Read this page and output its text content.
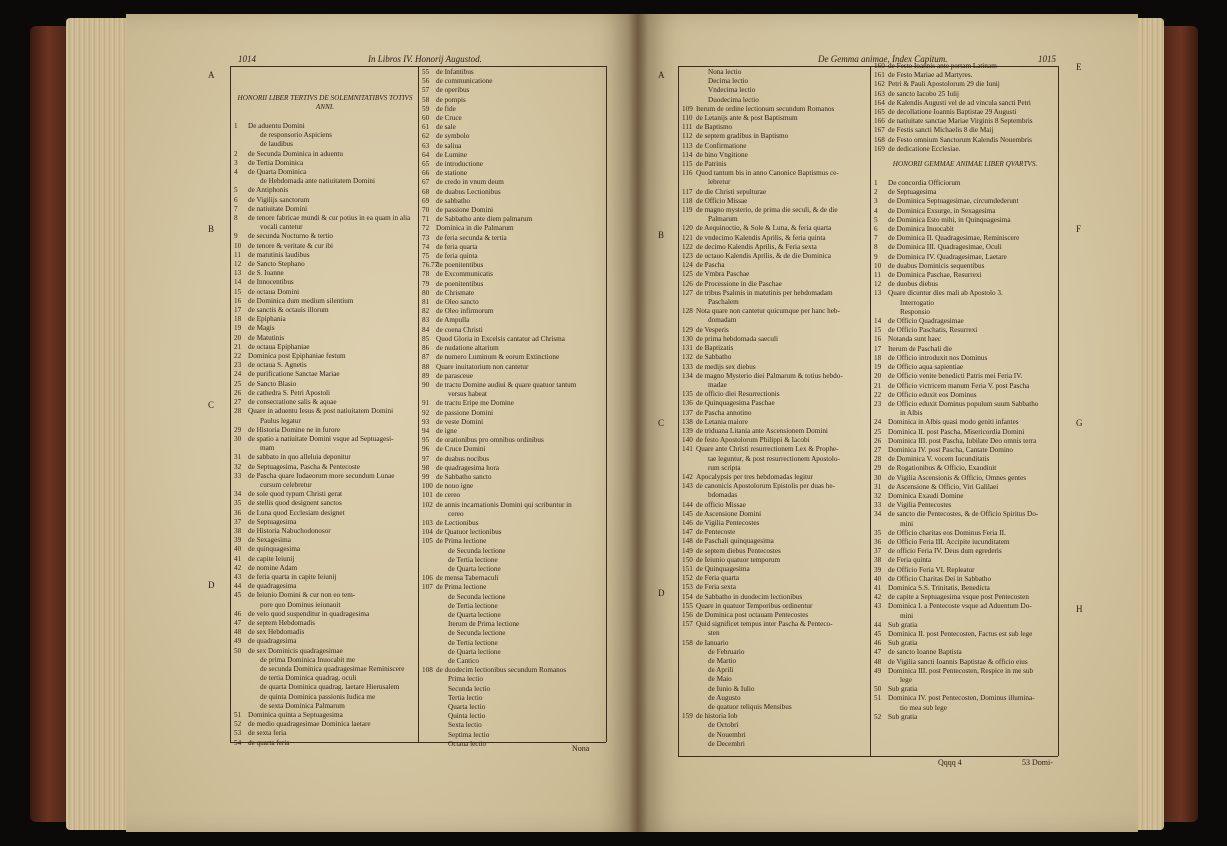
1014	In Libros IV. Honorij Augustod.
A
B
C
D
HONORII LIBER TERTIVS DE SOLEMNITATIBVS TOTIVS ANNI.
1 De aduentu Domini
de responsorio Aspiciens
de laudibus
2 de Secunda Dominica in aduentu
3 de Tertia Dominica
4 de Quarta Dominica
de Hebdomada ante natiuitatem Domini
5 de Antiphonis
6 de Vigilijs sanctorum
7 de natiuitate Domini
8 de tenore fabricae mundi & cur potius in ea quam in alia
vocali cantetur
9 de secunda Nocturno & tertio
10 de tenore & veritate & cur ibi
11 de matutinis laudibus
12 de Sancto Stephano
13 de S. Ioanne
14 de Innocentibus
15 de octaua Domini
16 de Dominica dum medium silentium
17 de sanctis & octauis illorum
18 de Epiphania
19 de Magis
20 de Matutinis
21 de octaua Epiphaniae
22 Dominica post Epiphaniae festum
23 de octaua S. Agnetis
24 de purificatione Sanctae Mariae
25 de Sancto Blasio
26 de cathedra S. Petri Apostoli
27 de consecratione salis & aquae
28 Quare in aduentu Iesus & post natiuitatem Domini
Paulus legatur
29 de Historia Domine ne in furore
30 de spatio a natiuitate Domini vsque ad Septuagesi-
mam
31 de sabbato in quo alleluia deponitur
32 de Septuagesima, Pascha & Pentecoste
33 de Pascha quare Iudaeorum more secundum Lunae
cursum celebretur
34 de sole quod typum Christi gerat
35 de stellis quod designent sanctos
36 de Luna quod Ecclesiam designet
37 de Septuagesima
38 de Historia Nabuchodonosor
39 de Sexagesima
40 de quinquagesima
41 de capite Ieiunij
42 de nomine Adam
43 de feria quarta in capite Ieiunij
44 de quadragesima
45 de Ieiunio Domini & cur non eo tem-
pore quo Dominus ieiunauit
46 de velo quod suspenditur in quadragesima
47 de septem Hebdomadis
48 de sex Hebdomadis
49 de quadragesima
50 de sex Dominicis quadragesimae
de prima Dominica Inuocabit me
de secunda Dominica quadragesimae Reminiscere
de tertia Dominica quadrag. oculi
de quarta Dominica quadrag. laetare Hierusalem
de quinta Dominica passionis Iudica me
de sexta Dominica Palmarum
51 Dominica quinta a Septuagesima
52 de medio quadragesimae Dominica laetare
53 de sexta feria
54 de quarta feria
55 de Infantibus
56 de communicatione
57 de operibus
58 de pompis
59 de fide
60 de Cruce
61 de sale
62 de symbolo
63 de saliua
64 de Lumine
65 de introductione
66 de statione
67 de credo in vnum deum
68 de duabus Lectionibus
69 de sabbatho
70 de passione Domini
71 de Sabbatho ante diem palmarum
72 Dominica in die Palmarum
73 de feria secunda & tertia
74 de feria quarta
75 de feria quinta
76.77de poenitentibus
78 de Excommunicatis
79 de poenitentibus
80 de Chrismate
81 de Oleo sancto
82 de Oleo infirmorum
83 de Ampulla
84 de coena Christi
85 Quod Gloria in Excelsis cantatur ad Chrisma
86 de nudatione altarium
87 de numero Luminum & eorum Extinctione
88 Quare inuitatorium non cantetur
89 de parasceue
90 de tractu Domine audiui & quare quatuor tantum
versus habeat
91 de tractu Eripe me Domine
92 de passione Domini
93 de veste Domini
94 de igne
95 de orationibus pro omnibus ordinibus
96 de Cruce Domini
97 de duabus nocibus
98 de quadragesima hora
99 de Sabbatho sancto
100 de nouo igne
101 de cereo
102 de annis incarnationis Domini qui scribuntur in
cereo
103 de Lectionibus
104 de Quatuor lectionibus
105 de Prima lectione
de Secunda lectione
de Tertia lectione
de Quarta lectione
106 de mensa Tabernaculi
107 de Prima lectione
de Secunda lectione
de Tertia lectione
de Quarta lectione
Iterum de Prima lectione
de Secunda lectione
de Tertia lectione
de Quarta lectione
de Cantico
108 de duodecim lectionibus secundum Romanos
Prima lectio
Secunda lectio
Tertia lectio
Quarta lectio
Quinta lectio
Sexta lectio
Septima lectio
Octaua lectio
Nona
De Gemma animae, Index Capitum.	1015
A
B
C
D
E
F
G
H
Nona lectio
Decima lectio
Vndecima lectio
Duodecima lectio
109 Iterum de ordine lectionum secundum Romanos
110 de Letanijs ante & post Baptismum
111 de Baptismo
112 de septem gradibus in Baptismo
113 de Confirmatione
114 de bino Vngitione
115 de Patrinis
116 Quod tantum bis in anno Canonice Baptismus ce-
lebretur
117 de die Christi sepulturae
118 de Officio Missae
119 de magno mysterio, de prima die seculi, & de die
Palmarum
120 de Aequinoctio, & Sole & Luna, & feria quarta
121 de vndecimo Kalendis Aprilis, & feria quinta
122 de decimo Kalendis Aprilis, & Feria sexta
123 de octauo Kalendis Aprilis, & de die Dominica
124 de Pascha
125 de Vmbra Paschae
126 de Processione in die Paschae
127 de tribus Psalmis in matutinis per hebdomadam
Paschalem
128 Nota quare non cantetur quicumque per hanc heb-
domadam
129 de Vesperis
130 de prima hebdomada saeculi
131 de Baptizatis
132 de Sabbatho
133 de medijs sex diebus
134 de magno Mysterio diei Palmarum & totius hebdo-
madae
135 de officio diei Resurrectionis
136 de Quinquagesima Paschae
137 de Pascha annotino
138 de Letania maiore
139 de triduana Litania ante Ascensionem Domini
140 de festo Apostolorum Philippi & Iacobi
141 Quare ante Christi resurrectionem Lex & Prophe-
tae leguntur, & post resurrectionem Apostolo-
rum scripta
142 Apocalypsis per tres hebdomadas legitur
143 de canonicis Apostolorum Epistolis per duas he-
bdomadas
144 de officio Missae
145 de Ascensione Domini
146 de Vigilia Pentecostes
147 de Pentecoste
148 de Paschali quinquagesima
149 de septem diebus Pentecostes
150 de Ieiunio quatuor temporum
151 de Quinquagesima
152 de Feria quarta
153 de Feria sexta
154 de Sabbatho in duodecim lectionibus
155 Quare in quatuor Temporibus ordinentur
156 de Dominica post octauam Pentecostes
157 Quid significet tempus inter Pascha & Penteco-
sten
158 de Ianuario
de Februario
de Martio
de Aprili
de Maio
de Iunio & Iulio
de Augusto
de quatuor reliquis Mensibus
159 de historia Iob
de Octobri
de Nouembri
de Decembri
160 de Festo Ioannis ante portam Latinam
161 de Festo Mariae ad Martyres.
162 Petri & Pauli Apostolorum 29 die Iunij
163 de sancto Iacobo 25 Iulij
164 de Kalendis Augusti vel de ad vincula sancti Petri
165 de decollatione Ioannis Baptistae 29 Augusti
166 de natiuitate sanctae Mariae Virginis 8 Septembris
167 de Festis sancti Michaelis 8 die Maij
168 de Festo omnium Sanctorum Kalendis Nouembris
169 de dedicatione Ecclesiae.
HONORII GEMMAE ANIMAE LIBER QVARTVS.
1 De concordia Officiorum
2 de Septuagesima
3 de Dominica Septuagesimae, circumdederunt
4 de Dominica Exsurge, in Sexagesima
5 de Dominica Esto mihi, in Quinquagesima
6 de Dominica Inuocabit
7 de Dominica II. Quadragesimae, Reminiscere
8 de Dominica III. Quadragesimae, Oculi
9 de Dominica IV. Quadragesimae, Laetare
10 de duabus Dominicis sequentibus
11 de Dominica Paschae, Resurrexi
12 de duobus diebus
13 Quare dicuntur dies mali ab Apostolo 3.
Interrogatio
Responsio
14 de Officio Quadragesimae
15 de Officio Paschatis, Resurrexi
16 Notanda sunt haec
17 Iterum de Paschali die
18 de Officio introduxit nos Dominus
19 de Officio aqua sapientiae
20 de Officio venite benedicti Patris mei Feria IV.
21 de Officio victricem manum Feria V. post Pascha
22 de Officio eduxit eos Dominus
23 de Officio eduxit Dominus populum suum Sabbatho
in Albis
24 Dominica in Albis quasi modo geniti infantes
25 Dominica II. post Pascha, Misericordia Domini
26 Dominica III. post Pascha, Iubilate Deo omnis terra
27 Dominica IV. post Pascha, Cantate Domino
28 de Dominica V. vocem Iucunditatis
29 de Rogationibus & Officio, Exaudiuit
30 de Vigilia Ascensionis & Officio, Omnes gentes
31 de Ascensione & Officio, Viri Galilaei
32 Dominica Exaudi Domine
33 de Vigilia Pentecostes
34 de sancto die Pentecostes, & de Officio Spiritus Do-
mini
35 de Officio charitas eos Dominus Feria II.
36 de Officio Feria III. Accipite iucunditatem
37 de officio Feria IV. Deus dum egrederis
38 de Feria quinta
39 de Officio Feria VI. Repleatur
40 de Officio Charitas Dei in Sabbatho
41 Dominica S.S. Trinitatis, Benedicta
42 de capite a Septuagesima vsque post Pentecosten
43 Dominica I. a Pentecoste vsque ad Aduentum Do-
mini
44 Sub gratia
45 Dominica II. post Pentecosten, Factus est sub lege
46 Sub gratia
47 de sancto Ioanne Baptista
48 de Vigilia sancti Ioannis Baptistae & officio eius
49 Dominica III. post Pentecosten, Respice in me sub
lege
50 Sub gratia
51 Dominica IV. post Pentecosten, Dominus illumina-
tio mea sub lege
52 Sub gratia
Qqqq 4	53 Domi-
